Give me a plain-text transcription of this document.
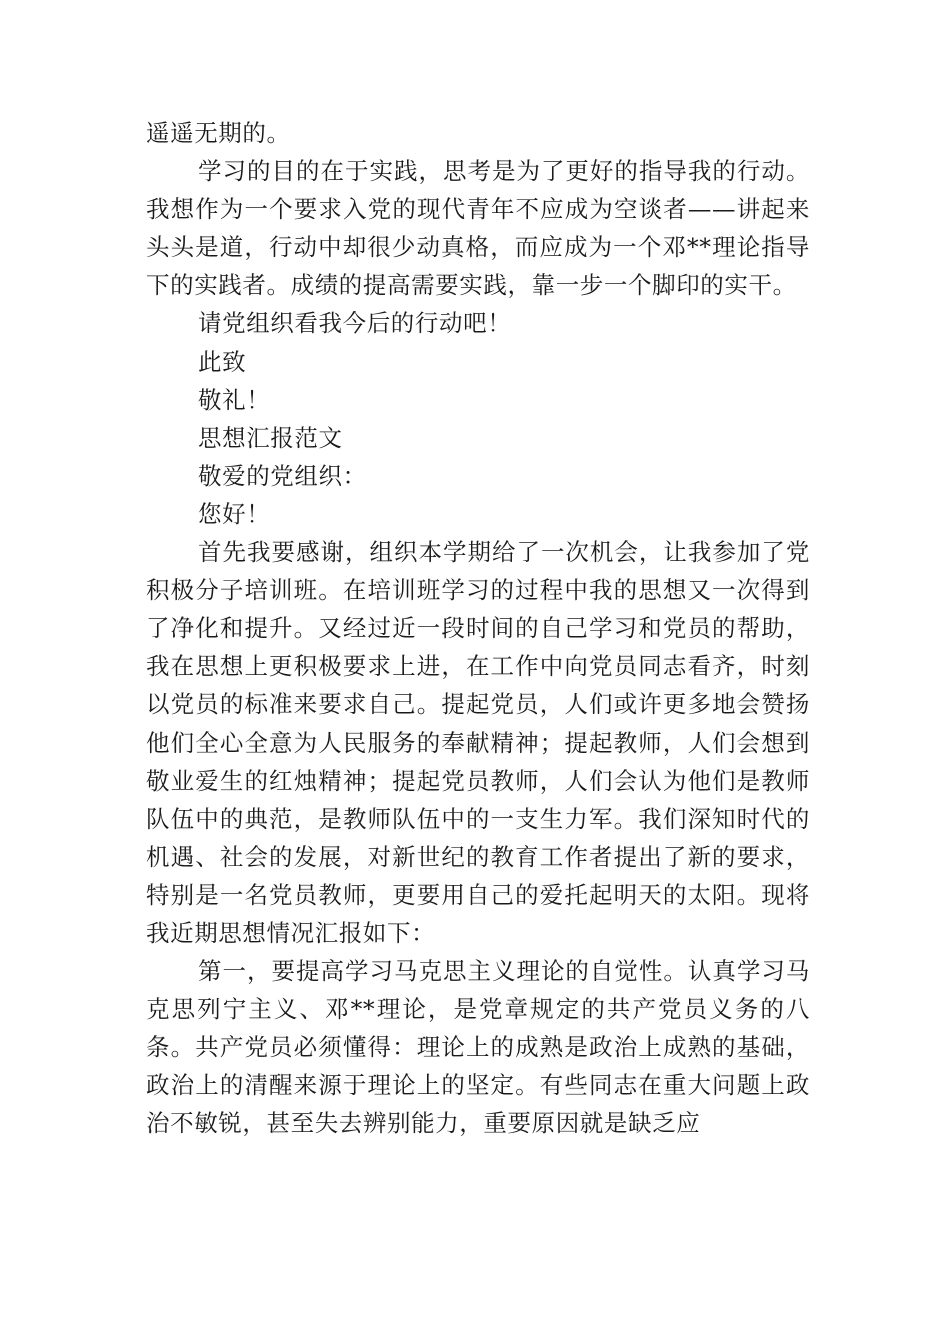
遥遥无期的。

学习的目的在于实践，思考是为了更好的指导我的行动。我想作为一个要求入党的现代青年不应成为空谈者——讲起来头头是道，行动中却很少动真格，而应成为一个邓**理论指导下的实践者。成绩的提高需要实践，靠一步一个脚印的实干。

请党组织看我今后的行动吧！

此致

敬礼！

思想汇报范文

敬爱的党组织：

您好！

首先我要感谢，组织本学期给了一次机会，让我参加了党积极分子培训班。在培训班学习的过程中我的思想又一次得到了净化和提升。又经过近一段时间的自己学习和党员的帮助，我在思想上更积极要求上进，在工作中向党员同志看齐，时刻以党员的标准来要求自己。提起党员，人们或许更多地会赞扬他们全心全意为人民服务的奉献精神；提起教师，人们会想到敬业爱生的红烛精神；提起党员教师，人们会认为他们是教师队伍中的典范，是教师队伍中的一支生力军。我们深知时代的机遇、社会的发展，对新世纪的教育工作者提出了新的要求，特别是一名党员教师，更要用自己的爱托起明天的太阳。现将我近期思想情况汇报如下：

第一，要提高学习马克思主义理论的自觉性。认真学习马克思列宁主义、邓**理论，是党章规定的共产党员义务的八条。共产党员必须懂得：理论上的成熟是政治上成熟的基础，政治上的清醒来源于理论上的坚定。有些同志在重大问题上政治不敏锐，甚至失去辨别能力，重要原因就是缺乏应
